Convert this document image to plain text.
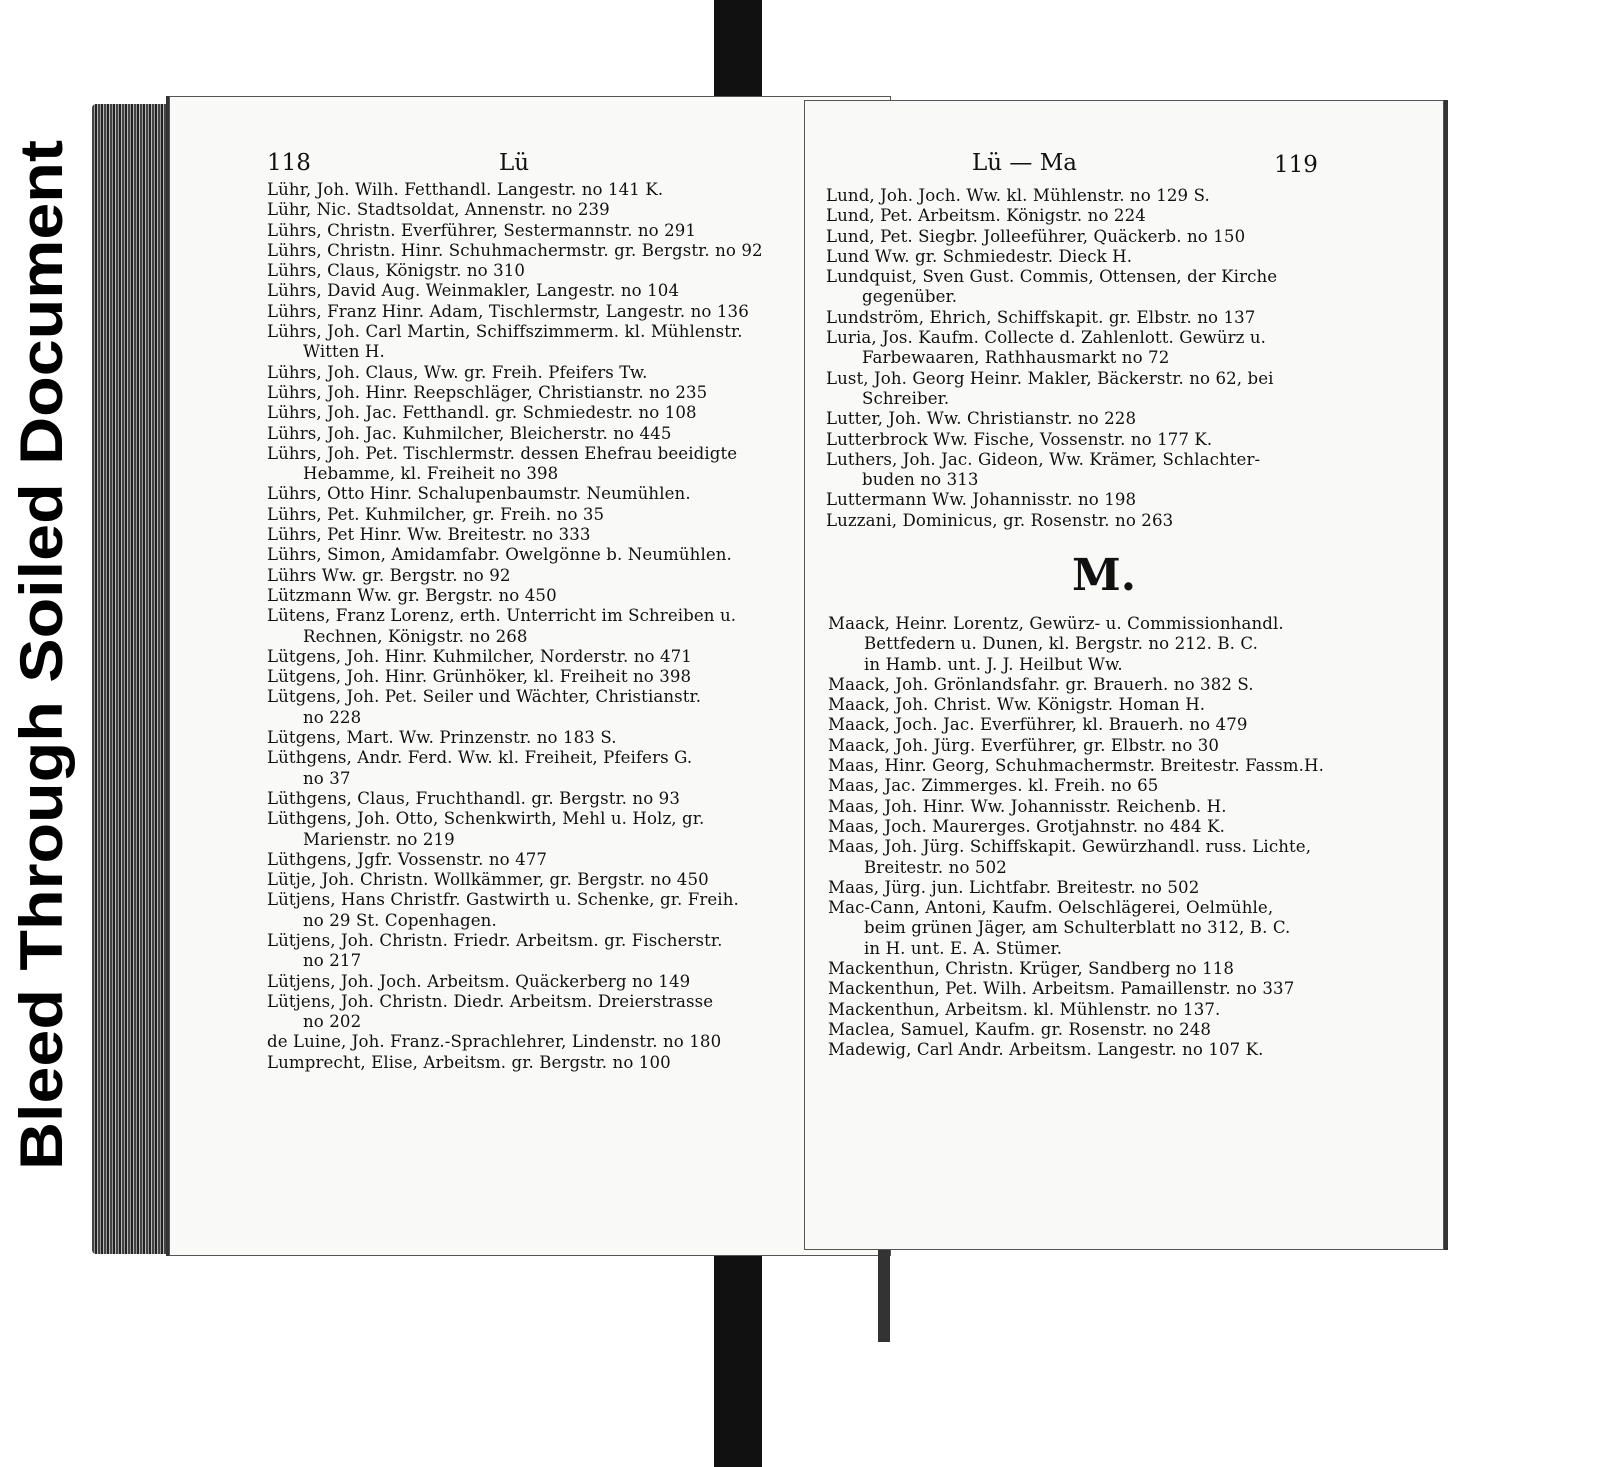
Bleed Through Soiled Document
118	Lü
Lühr, Joh. Wilh. Fetthandl. Langestr. no 141 K.
Lühr, Nic. Stadtsoldat, Annenstr. no 239
Lührs, Christn. Everführer, Sestermannstr. no 291
Lührs, Christn. Hinr. Schuhmachermstr. gr. Bergstr. no 92
Lührs, Claus, Königstr. no 310
Lührs, David Aug. Weinmakler, Langestr. no 104
Lührs, Franz Hinr. Adam, Tischlermstr, Langestr. no 136
Lührs, Joh. Carl Martin, Schiffszimmerm. kl. Mühlenstr.
Witten H.
Lührs, Joh. Claus, Ww. gr. Freih. Pfeifers Tw.
Lührs, Joh. Hinr. Reepschläger, Christianstr. no 235
Lührs, Joh. Jac. Fetthandl. gr. Schmiedestr. no 108
Lührs, Joh. Jac. Kuhmilcher, Bleicherstr. no 445
Lührs, Joh. Pet. Tischlermstr. dessen Ehefrau beeidigte
Hebamme, kl. Freiheit no 398
Lührs, Otto Hinr. Schalupenbaumstr. Neumühlen.
Lührs, Pet. Kuhmilcher, gr. Freih. no 35
Lührs, Pet Hinr. Ww. Breitestr. no 333
Lührs, Simon, Amidamfabr. Owelgönne b. Neumühlen.
Lührs Ww. gr. Bergstr. no 92
Lützmann Ww. gr. Bergstr. no 450
Lütens, Franz Lorenz, erth. Unterricht im Schreiben u.
Rechnen, Königstr. no 268
Lütgens, Joh. Hinr. Kuhmilcher, Norderstr. no 471
Lütgens, Joh. Hinr. Grünhöker, kl. Freiheit no 398
Lütgens, Joh. Pet. Seiler und Wächter, Christianstr.
no 228
Lütgens, Mart. Ww. Prinzenstr. no 183 S.
Lüthgens, Andr. Ferd. Ww. kl. Freiheit, Pfeifers G.
no 37
Lüthgens, Claus, Fruchthandl. gr. Bergstr. no 93
Lüthgens, Joh. Otto, Schenkwirth, Mehl u. Holz, gr.
Marienstr. no 219
Lüthgens, Jgfr. Vossenstr. no 477
Lütje, Joh. Christn. Wollkämmer, gr. Bergstr. no 450
Lütjens, Hans Christfr. Gastwirth u. Schenke, gr. Freih.
no 29 St. Copenhagen.
Lütjens, Joh. Christn. Friedr. Arbeitsm. gr. Fischerstr.
no 217
Lütjens, Joh. Joch. Arbeitsm. Quäckerberg no 149
Lütjens, Joh. Christn. Diedr. Arbeitsm. Dreierstrasse
no 202
de Luine, Joh. Franz.-Sprachlehrer, Lindenstr. no 180
Lumprecht, Elise, Arbeitsm. gr. Bergstr. no 100
Lü — Ma	119
Lund, Joh. Joch. Ww. kl. Mühlenstr. no 129 S.
Lund, Pet. Arbeitsm. Königstr. no 224
Lund, Pet. Siegbr. Jolleeführer, Quäckerb. no 150
Lund Ww. gr. Schmiedestr. Dieck H.
Lundquist, Sven Gust. Commis, Ottensen, der Kirche
gegenüber.
Lundström, Ehrich, Schiffskapit. gr. Elbstr. no 137
Luria, Jos. Kaufm. Collecte d. Zahlenlott. Gewürz u.
Farbewaaren, Rathhausmarkt no 72
Lust, Joh. Georg Heinr. Makler, Bäckerstr. no 62, bei
Schreiber.
Lutter, Joh. Ww. Christianstr. no 228
Lutterbrock Ww. Fische, Vossenstr. no 177 K.
Luthers, Joh. Jac. Gideon, Ww. Krämer, Schlachter-
buden no 313
Luttermann Ww. Johannisstr. no 198
Luzzani, Dominicus, gr. Rosenstr. no 263
M.
Maack, Heinr. Lorentz, Gewürz- u. Commissionhandl.
Bettfedern u. Dunen, kl. Bergstr. no 212. B. C.
in Hamb. unt. J. J. Heilbut Ww.
Maack, Joh. Grönlandsfahr. gr. Brauerh. no 382 S.
Maack, Joh. Christ. Ww. Königstr. Homan H.
Maack, Joch. Jac. Everführer, kl. Brauerh. no 479
Maack, Joh. Jürg. Everführer, gr. Elbstr. no 30
Maas, Hinr. Georg, Schuhmachermstr. Breitestr. Fassm.H.
Maas, Jac. Zimmerges. kl. Freih. no 65
Maas, Joh. Hinr. Ww. Johannisstr. Reichenb. H.
Maas, Joch. Maurerges. Grotjahnstr. no 484 K.
Maas, Joh. Jürg. Schiffskapit. Gewürzhandl. russ. Lichte,
Breitestr. no 502
Maas, Jürg. jun. Lichtfabr. Breitestr. no 502
Mac-Cann, Antoni, Kaufm. Oelschlägerei, Oelmühle,
beim grünen Jäger, am Schulterblatt no 312, B. C.
in H. unt. E. A. Stümer.
Mackenthun, Christn. Krüger, Sandberg no 118
Mackenthun, Pet. Wilh. Arbeitsm. Pamaillenstr. no 337
Mackenthun, Arbeitsm. kl. Mühlenstr. no 137.
Maclea, Samuel, Kaufm. gr. Rosenstr. no 248
Madewig, Carl Andr. Arbeitsm. Langestr. no 107 K.
